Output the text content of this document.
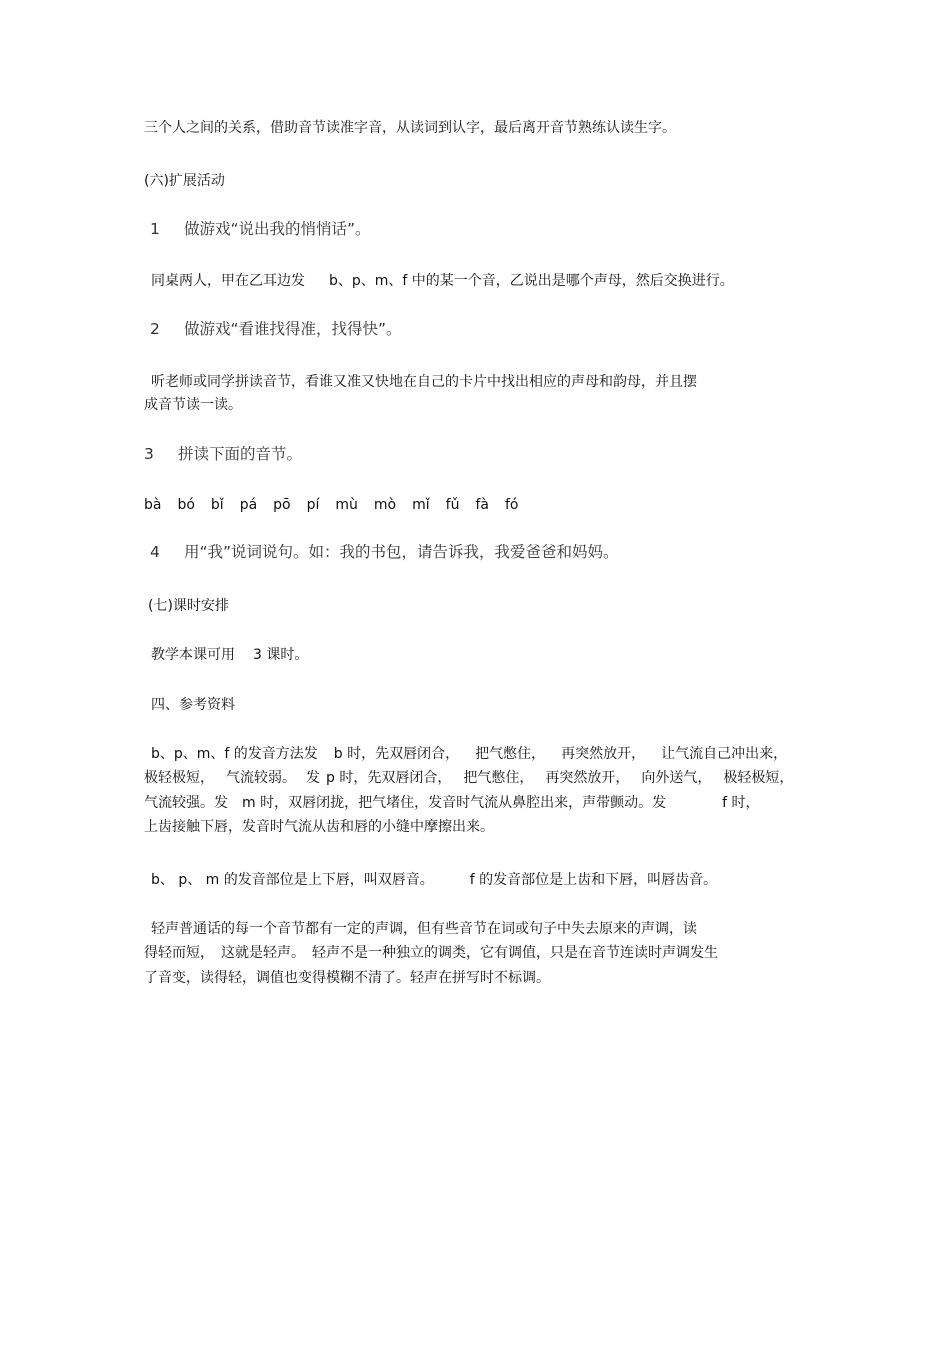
三个人之间的关系，借助音节读准字音，从读词到认字，最后离开音节熟练认读生字。
(六)扩展活动
1 做游戏“说出我的悄悄话”。
同桌两人，甲在乙耳边发 b、p、m、f 中的某一个音，乙说出是哪个声母，然后交换进行。
2 做游戏“看谁找得准，找得快”。
听老师或同学拼读音节，看谁又准又快地在自己的卡片中找出相应的声母和韵母，并且摆
成音节读一读。
3 拼读下面的音节。
bà bó bǐ pá pō pí mù mò mǐ fǔ fà fó
4 用“我”说词说句。如：我的书包，请告诉我，我爱爸爸和妈妈。
(七)课时安排
教学本课可用 3 课时。
四、参考资料
b、p、m、f 的发音方法发 b 时，先双唇闭合， 把气憋住， 再突然放开， 让气流自己冲出来，
极轻极短， 气流较弱。 发 p 时，先双唇闭合， 把气憋住， 再突然放开， 向外送气， 极轻极短，
气流较强。发 m 时，双唇闭拢，把气堵住，发音时气流从鼻腔出来，声带颤动。发	f 时，
上齿接触下唇，发音时气流从齿和唇的小缝中摩擦出来。
b、 p、 m 的发音部位是上下唇，叫双唇音。	f 的发音部位是上齿和下唇，叫唇齿音。
轻声普通话的每一个音节都有一定的声调，但有些音节在词或句子中失去原来的声调，读
得轻而短，　这就是轻声。　轻声不是一种独立的调类，它有调值，只是在音节连读时声调发生
了音变，读得轻，调值也变得模糊不清了。轻声在拼写时不标调。
